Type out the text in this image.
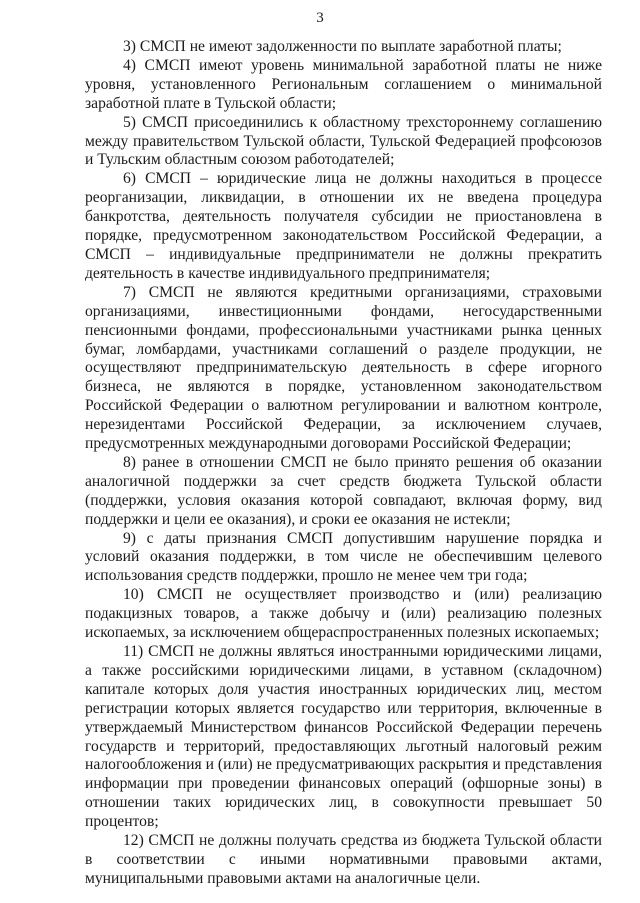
3

3) СМСП не имеют задолженности по выплате заработной платы;

4) СМСП имеют уровень минимальной заработной платы не ниже уровня, установленного Региональным соглашением о минимальной заработной плате в Тульской области;

5) СМСП присоединились к областному трехстороннему соглашению между правительством Тульской области, Тульской Федерацией профсоюзов и Тульским областным союзом работодателей;

6) СМСП – юридические лица не должны находиться в процессе реорганизации, ликвидации, в отношении их не введена процедура банкротства, деятельность получателя субсидии не приостановлена в порядке, предусмотренном законодательством Российской Федерации, а СМСП – индивидуальные предприниматели не должны прекратить деятельность в качестве индивидуального предпринимателя;

7) СМСП не являются кредитными организациями, страховыми организациями, инвестиционными фондами, негосударственными пенсионными фондами, профессиональными участниками рынка ценных бумаг, ломбардами, участниками соглашений о разделе продукции, не осуществляют предпринимательскую деятельность в сфере игорного бизнеса, не являются в порядке, установленном законодательством Российской Федерации о валютном регулировании и валютном контроле, нерезидентами Российской Федерации, за исключением случаев, предусмотренных международными договорами Российской Федерации;

8) ранее в отношении СМСП не было принято решения об оказании аналогичной поддержки за счет средств бюджета Тульской области (поддержки, условия оказания которой совпадают, включая форму, вид поддержки и цели ее оказания), и сроки ее оказания не истекли;

9) с даты признания СМСП допустившим нарушение порядка и условий оказания поддержки, в том числе не обеспечившим целевого использования средств поддержки, прошло не менее чем три года;

10) СМСП не осуществляет производство и (или) реализацию подакцизных товаров, а также добычу и (или) реализацию полезных ископаемых, за исключением общераспространенных полезных ископаемых;

11) СМСП не должны являться иностранными юридическими лицами, а также российскими юридическими лицами, в уставном (складочном) капитале которых доля участия иностранных юридических лиц, местом регистрации которых является государство или территория, включенные в утверждаемый Министерством финансов Российской Федерации перечень государств и территорий, предоставляющих льготный налоговый режим налогообложения и (или) не предусматривающих раскрытия и представления информации при проведении финансовых операций (офшорные зоны) в отношении таких юридических лиц, в совокупности превышает 50 процентов;

12) СМСП не должны получать средства из бюджета Тульской области в соответствии с иными нормативными правовыми актами, муниципальными правовыми актами на аналогичные цели.
